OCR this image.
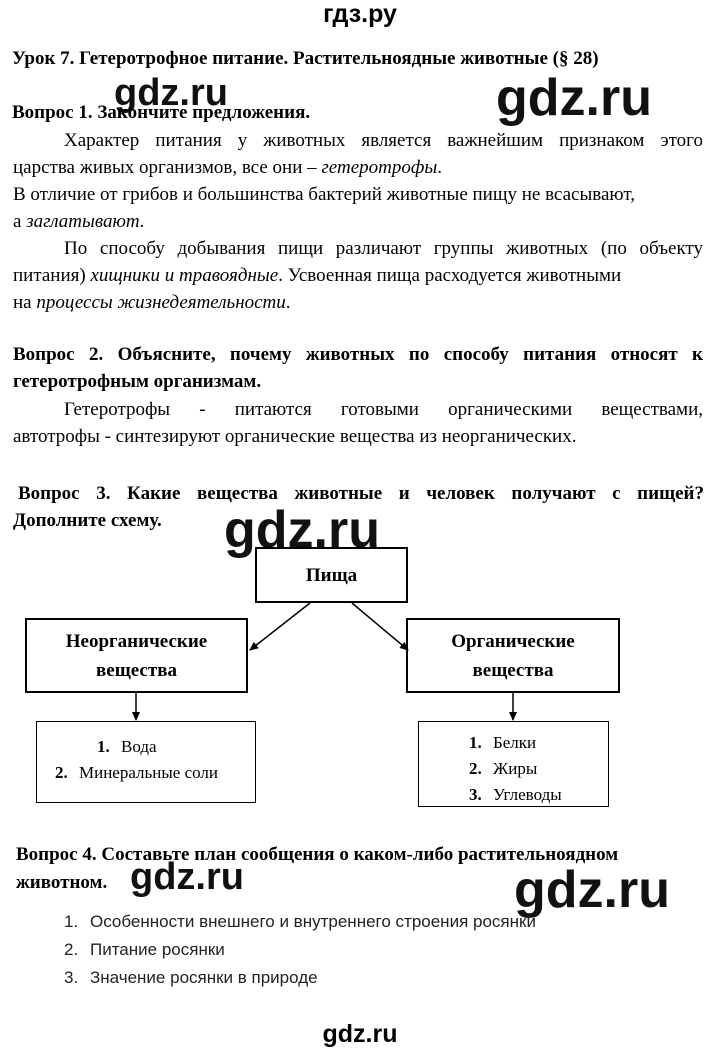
гдз.ру
Урок 7. Гетеротрофное питание. Растительноядные животные (§ 28)
gdz.ru	gdz.ru
gdz.ru
gdz.ru	gdz.ru
Вопрос 1. Закончите предложения.
Характер питания у животных является важнейшим признаком этого
царства живых организмов, все они – гетеротрофы.
В отличие от грибов и большинства бактерий животные пищу не всасывают,
а заглатывают.
По способу добывания пищи различают группы животных (по объекту
питания) хищники и травоядные. Усвоенная пища расходуется животными
на процессы жизнедеятельности.
Вопрос 2. Объясните, почему животных по способу питания относят к
гетеротрофным организмам.
Гетеротрофы - питаются готовыми органическими веществами,
автотрофы - синтезируют органические вещества из неорганических.
Вопрос 3. Какие вещества животные и человек получают с пищей?
Дополните схему.
Пища
Неорганические
вещества
Органические
вещества
1. Вода
2. Минеральные соли
1. Белки
2. Жиры
3. Углеводы
Вопрос 4. Составьте план сообщения о каком-либо растительноядном
животном.
1. Особенности внешнего и внутреннего строения росянки
2. Питание росянки
3. Значение росянки в природе
gdz.ru
